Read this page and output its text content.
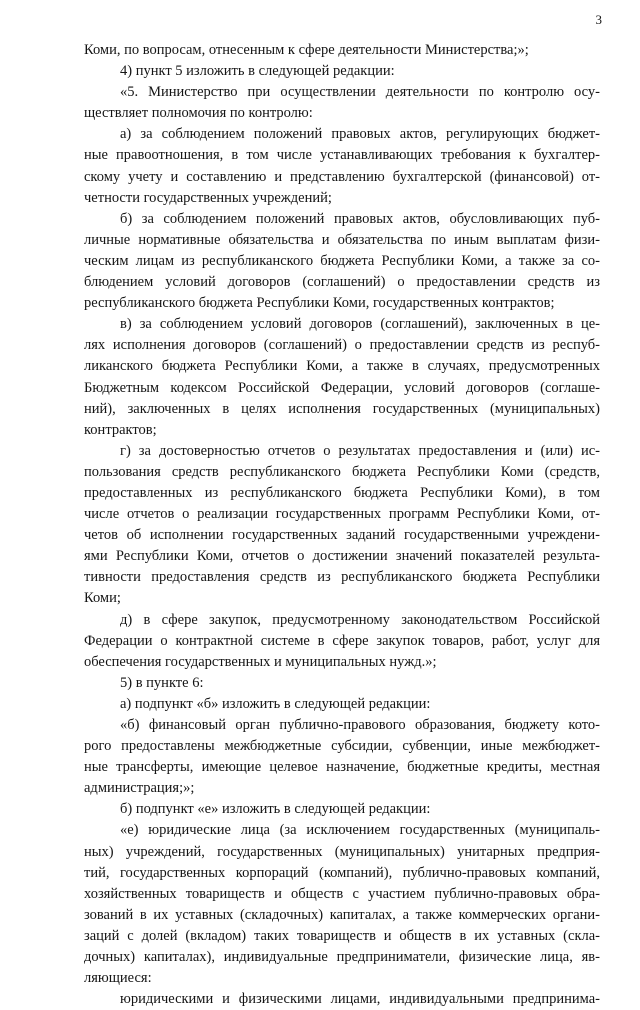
3
Коми, по вопросам, отнесенным к сфере деятельности Министерства;»;
4) пункт 5 изложить в следующей редакции:
«5. Министерство при осуществлении деятельности по контролю осу-
ществляет полномочия по контролю:
а) за соблюдением положений правовых актов, регулирующих бюджет-
ные правоотношения, в том числе устанавливающих требования к бухгалтер-
скому учету и составлению и представлению бухгалтерской (финансовой) от-
четности государственных учреждений;
б) за соблюдением положений правовых актов, обусловливающих пуб-
личные нормативные обязательства и обязательства по иным выплатам физи-
ческим лицам из республиканского бюджета Республики Коми, а также за со-
блюдением условий договоров (соглашений) о предоставлении средств из
республиканского бюджета Республики Коми, государственных контрактов;
в) за соблюдением условий договоров (соглашений), заключенных в це-
лях исполнения договоров (соглашений) о предоставлении средств из респуб-
ликанского бюджета Республики Коми, а также в случаях, предусмотренных
Бюджетным кодексом Российской Федерации, условий договоров (соглаше-
ний), заключенных в целях исполнения государственных (муниципальных)
контрактов;
г) за достоверностью отчетов о результатах предоставления и (или) ис-
пользования средств республиканского бюджета Республики Коми (средств,
предоставленных из республиканского бюджета Республики Коми), в том
числе отчетов о реализации государственных программ Республики Коми, от-
четов об исполнении государственных заданий государственными учреждени-
ями Республики Коми, отчетов о достижении значений показателей результа-
тивности предоставления средств из республиканского бюджета Республики
Коми;
д) в сфере закупок, предусмотренному законодательством Российской
Федерации о контрактной системе в сфере закупок товаров, работ, услуг для
обеспечения государственных и муниципальных нужд.»;
5) в пункте 6:
а) подпункт «б» изложить в следующей редакции:
«б) финансовый орган публично-правового образования, бюджету кото-
рого предоставлены межбюджетные субсидии, субвенции, иные межбюджет-
ные трансферты, имеющие целевое назначение, бюджетные кредиты, местная
администрация;»;
б) подпункт «е» изложить в следующей редакции:
«е) юридические лица (за исключением государственных (муниципаль-
ных) учреждений, государственных (муниципальных) унитарных предприя-
тий, государственных корпораций (компаний), публично-правовых компаний,
хозяйственных товариществ и обществ с участием публично-правовых обра-
зований в их уставных (складочных) капиталах, а также коммерческих органи-
заций с долей (вкладом) таких товариществ и обществ в их уставных (скла-
дочных) капиталах), индивидуальные предприниматели, физические лица, яв-
ляющиеся:
юридическими и физическими лицами, индивидуальными предпринима-
